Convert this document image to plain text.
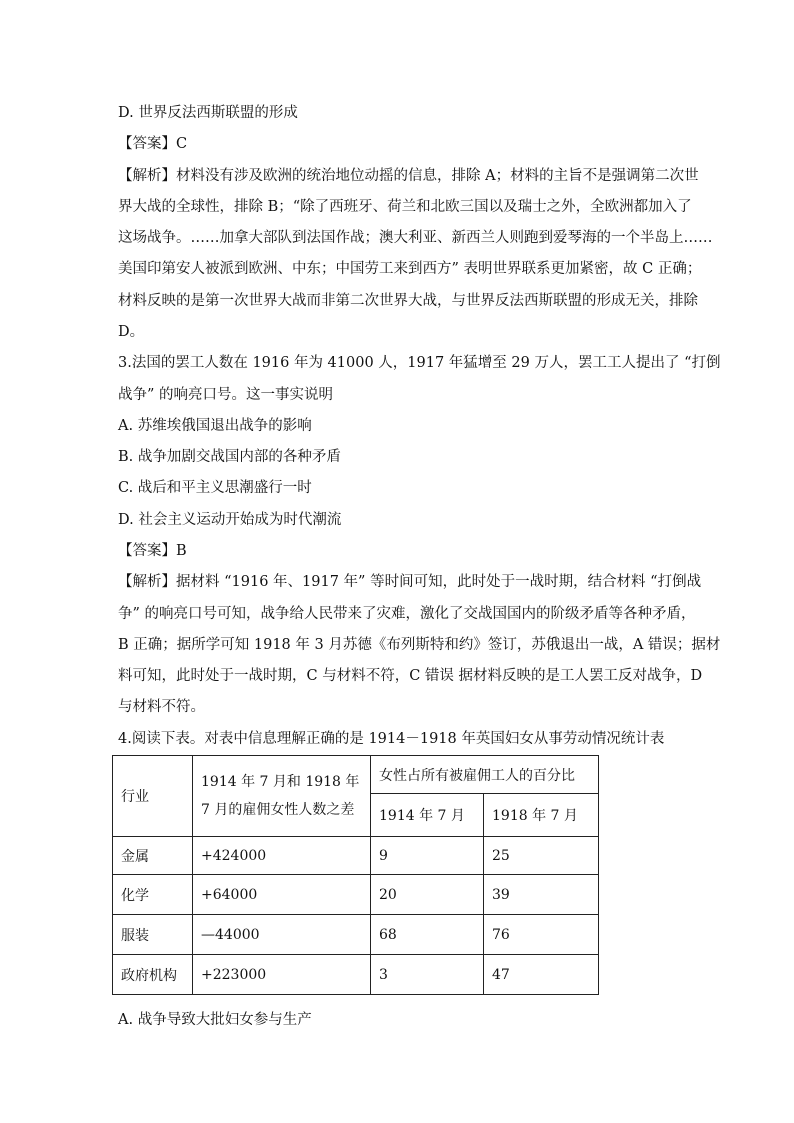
D. 世界反法西斯联盟的形成
【答案】C
【解析】材料没有涉及欧洲的统治地位动摇的信息，排除 A；材料的主旨不是强调第二次世
界大战的全球性，排除 B；“除了西班牙、荷兰和北欧三国以及瑞士之外，全欧洲都加入了
这场战争。……加拿大部队到法国作战；澳大利亚、新西兰人则跑到爱琴海的一个半岛上……
美国印第安人被派到欧洲、中东；中国劳工来到西方” 表明世界联系更加紧密，故 C 正确；
材料反映的是第一次世界大战而非第二次世界大战，与世界反法西斯联盟的形成无关，排除
D。
3.法国的罢工人数在 1916 年为 41000 人，1917 年猛增至 29 万人，罢工工人提出了 “打倒
战争” 的响亮口号。这一事实说明
A. 苏维埃俄国退出战争的影响
B. 战争加剧交战国内部的各种矛盾
C. 战后和平主义思潮盛行一时
D. 社会主义运动开始成为时代潮流
【答案】B
【解析】据材料 “1916 年、1917 年” 等时间可知，此时处于一战时期，结合材料 “打倒战
争” 的响亮口号可知，战争给人民带来了灾难，激化了交战国国内的阶级矛盾等各种矛盾，
B 正确；据所学可知 1918 年 3 月苏德《布列斯特和约》签订，苏俄退出一战，A 错误；据材
料可知，此时处于一战时期，C 与材料不符，C 错误 据材料反映的是工人罢工反对战争，D
与材料不符。
4.阅读下表。对表中信息理解正确的是 1914－1918 年英国妇女从事劳动情况统计表
行业	1914 年 7 月和 1918 年 7 月的雇佣女性人数之差	女性占所有被雇佣工人的百分比	
		1914 年 7 月	1918 年 7 月
金属	+424000	9	25
化学	+64000	20	39
服装	—44000	68	76
政府机构	+223000	3	47
A. 战争导致大批妇女参与生产
